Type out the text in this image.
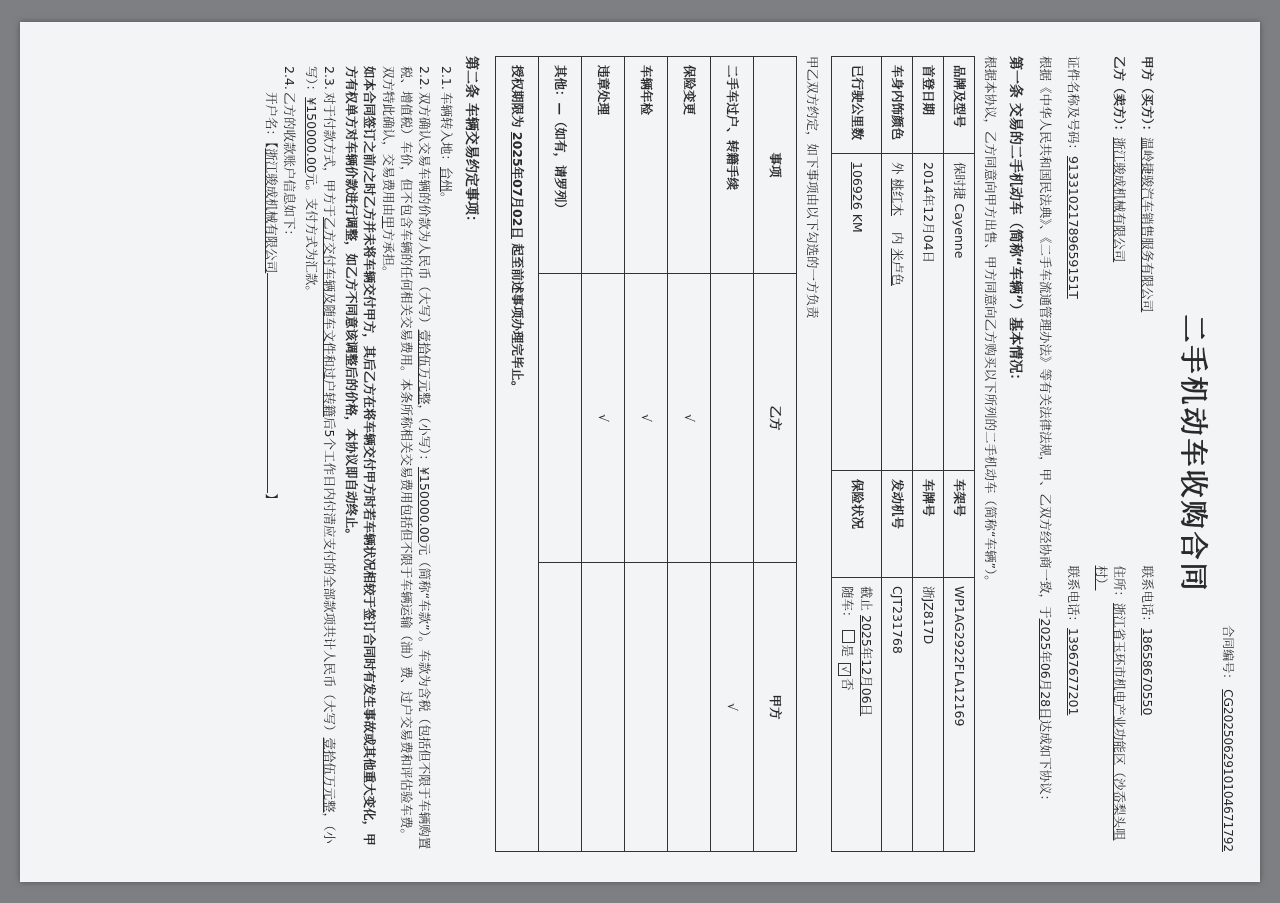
合同编号：CG2025062910104671792
二手机动车收购合同
甲方（买方）：温岭捷骏汽车销售服务有限公司
联系电话：18658670550
乙方（卖方）：浙江骏成机械有限公司
住所：浙江省玉环市机电产业功能区（沙岙梨头咀村）
证件名称及号码：91331021789659151T
联系电话：13967677201

根据《中华人民共和国民法典》、《二手车流通管理办法》等有关法律法规，甲、乙双方经协商一致，于2025年06月28日达成如下协议：

第一条 交易的二手机动车（简称“车辆”）基本情况：

根据本协议，乙方同意向甲方出售、甲方同意向乙方购买以下所列的二手机动车（简称“车辆”）。

品牌及型号	保时捷 Cayenne	车架号	WP1AG2922FLA12169
首登日期	2014年12月04日	车牌号	浙JZ817D
车身内饰颜色	外 桃红木    内 米卢色	发动机号	CJT231768
已行驶公里数	106926 KM	保险状况	截止 2025年12月06日
随车： 是 √否

甲乙双方约定，如下事项由以下勾选的一方负责

事项	乙方	甲方
二手车过户、转籍手续		√
保险变更	√	
车辆年检	√	
违章处理	√	
其他：—（如有，请罗列）		
授权期限为 2025年07月02日 起至前述事项办理完毕止。		
第二条 车辆交易约定事项：

2.1.车辆转入地：台州。

2.2.双方确认交易车辆的价款为人民币（大写）壹拾伍万元整，（小写）：¥150000.00元（简称“车款”）。车款为含税（包括但不限于车辆购置税、增值税）车价，但不包含车辆的任何相关交易费用。本条所称相关交易费用包括但不限于车辆运输（油）费、过户交易费和评估验车费。双方特此确认，交易费用由甲方承担。
如本合同签订之前/之时乙方并未将车辆交付甲方，其后乙方在将车辆交付甲方时若车辆状况相较于签订合同时有发生事故或其他重大变化，甲方有权单方对车辆价款进行调整，如乙方不同意该调整后的价格，本协议即自动终止。

2.3.对于付款方式，甲方于乙方交付车辆及随车文件和过户转籍后5个工作日内付清应支付的全部款项共计人民币（大写）壹拾伍万元整，（小写）：¥150000.00元。支付方式为汇款。

2.4.乙方的收款账户信息如下：
开户名：【浙江骏成机械有限公司】
